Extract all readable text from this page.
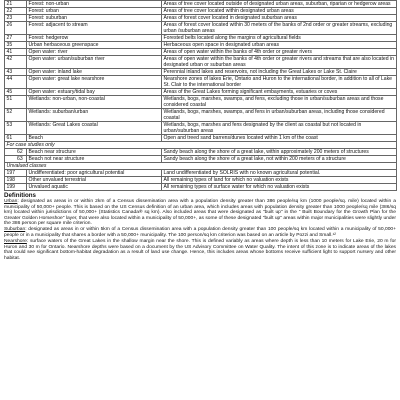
21	Forest: non-urban	Areas of tree cover located outside of designated urban areas, suburban, riparian or hedgerow areas
22	Forest: urban	Areas of tree cover located within designated urban areas
23	Forest: suburban	Areas of forest cover located in designated suburban areas
26	Forest: adjacent to stream	Areas of forest cover located within 30 meters of the banks of 2nd order or greater streams, excluding urban /suburban areas
27	Forest: hedgerow	Forested belts located along the margins of agricultural fields
35	Urban herbaceous greenspace	Herbaceous open space in designated urban areas
41	Open water: river	Areas of open water within the banks of 4th order or greater rivers
42	Open water: urban/suburban river	Areas of open water within the banks of 4th order or greater rivers and streams that are also located in designated urban or suburban areas
43	Open water: inland lake	Perennial inland lakes and reservoirs, not including the Great Lakes or Lake St. Claire
44	Open water: great lake nearshore	Nearshore zones of lakes Erie, Ontario and Huron to the international border, in addition to all of Lake St. Clair to the international border
45	Open water: estuary/tidal bay	Areas of the Great Lakes forming significant embayments, estuaries or coves
51	Wetlands: non-urban, non-coastal	Wetlands, bogs, marshes, swamps, and fens, excluding those in urban/suburban areas and those considered coastal
52	Wetlands: suburban/urban	Wetlands, bogs, marshes, swamps, and fens in urban/suburban areas, including those considered coastal
53	Wetlands: Great Lakes coastal	Wetlands, bogs, marshes and fens designated by the client as coastal but not located in urban/suburban areas
61	Beach	Open and treed sand barrens/dunes located within 1 km of the coast
For case studies only		
62	Beach near structure	Sandy beach along the shore of a great lake, within approximately 200 meters of structures
63	Beach not near structure	Sandy beach along the shore of a great lake, not within 200 meters of a structure
Unvalued classes		
197	Undifferentiated: poor agricultural potential	Land undifferentiated by SOLRIS with no known agricultural potential.
198	Other unvalued terrestrial	All remaining types of land for which no valuation exists
199	Unvalued aquatic	All remaining types of surface water for which no valuation exists
Definitions

Urban: designated as areas in or within 2km of a Census dissemination area with a population density greater than 386 people/sq km (1000 people/sq. mile) located within a municipality of 50,000+ people. This is based on the US Census definition of an urban area, which includes areas with population density greater than 1000 people/sq mile (386/sq km) located within jurisdictions of 50,000+ (Statistics Canada® sq km). Also included areas that were designated as "built up" in the " Built Boundary for the Growth Plan for the Greater Golden Horseshoe" layer, that were also located within a municipality of 50,000+, as some of these designated "built up" areas within major municipalities were slightly under the 386 person per square mile criterion.

Suburban: designated as areas in or within 5km of a Census dissemination area with a population density greater than 100 people/sq km located within a municipality of 50,000+ people or in a municipality that shares a border with a 50,000+ municipality. The 100 person/sq km criterion was based on an article by Pozzi and Small.¹²

Nearshore: surface waters of the Great Lakes in the shallow margin near the shore. This is defined variably as areas where depth is less than 10 meters for Lake Erie, 20 m for Huron and 30 m for Ontario. Nearshore depths were based on a document by the US Advisory Committee on Water Quality. The intent of this zone is to indicate areas of the lakes that could see significant bottom-habitat degradation as a result of land use change. Hence, this includes areas whose bottoms receive sufficient light to support nursery and other habitat.
